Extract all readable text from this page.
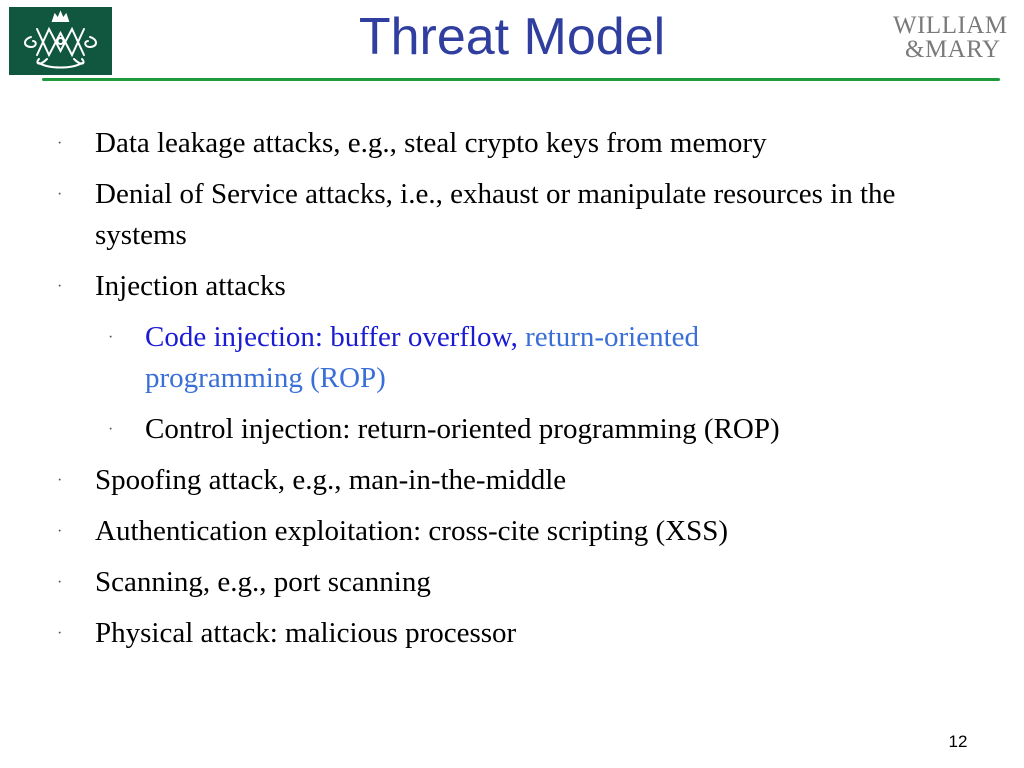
Threat Model	WILLIAM
&MARY
· Data leakage attacks, e.g., steal crypto keys from memory
· Denial of Service attacks, i.e., exhaust or manipulate resources in the systems
· Injection attacks
· Code injection: buffer overflow, return-oriented programming (ROP)
· Control injection: return-oriented programming (ROP)
· Spoofing attack, e.g., man-in-the-middle
· Authentication exploitation: cross-cite scripting (XSS)
· Scanning, e.g., port scanning
· Physical attack: malicious processor
12
